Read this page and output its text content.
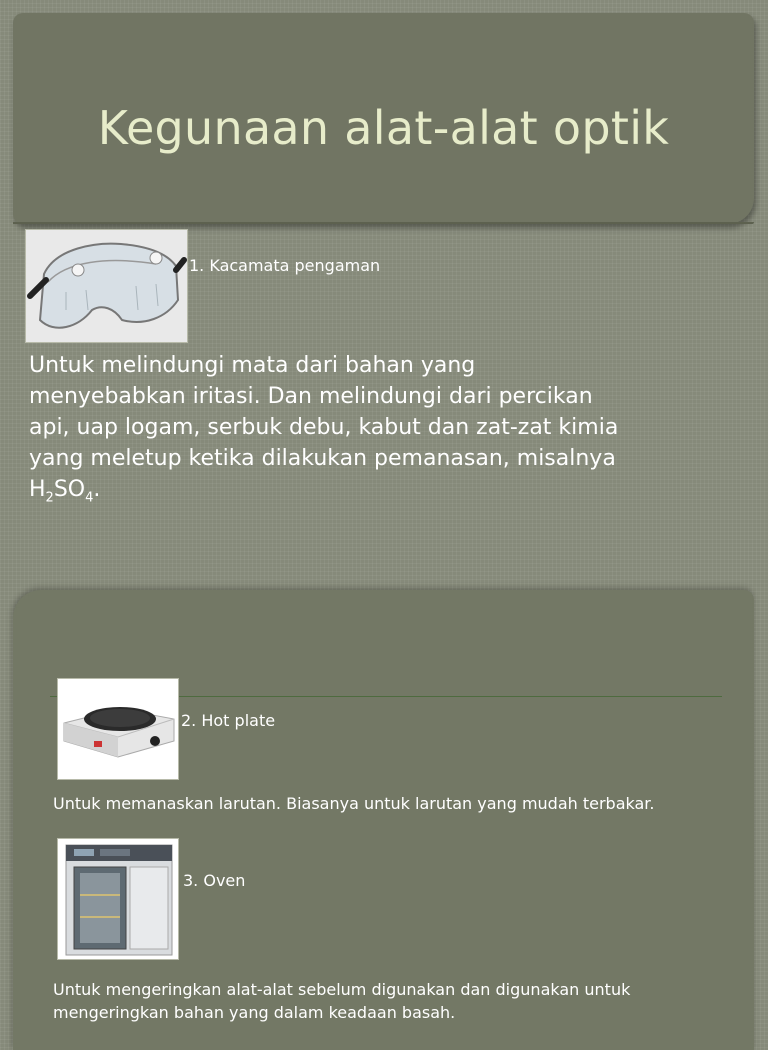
Kegunaan alat-alat optik
1. Kacamata pengaman
Untuk melindungi mata dari bahan yang menyebabkan iritasi. Dan melindungi dari percikan api, uap logam, serbuk debu, kabut dan zat-zat kimia yang meletup ketika dilakukan pemanasan, misalnya $H_2SO_4$.
2. Hot plate
Untuk memanaskan larutan. Biasanya untuk larutan yang mudah terbakar.
3. Oven
Untuk mengeringkan alat-alat sebelum digunakan dan digunakan untuk mengeringkan bahan yang dalam keadaan basah.
